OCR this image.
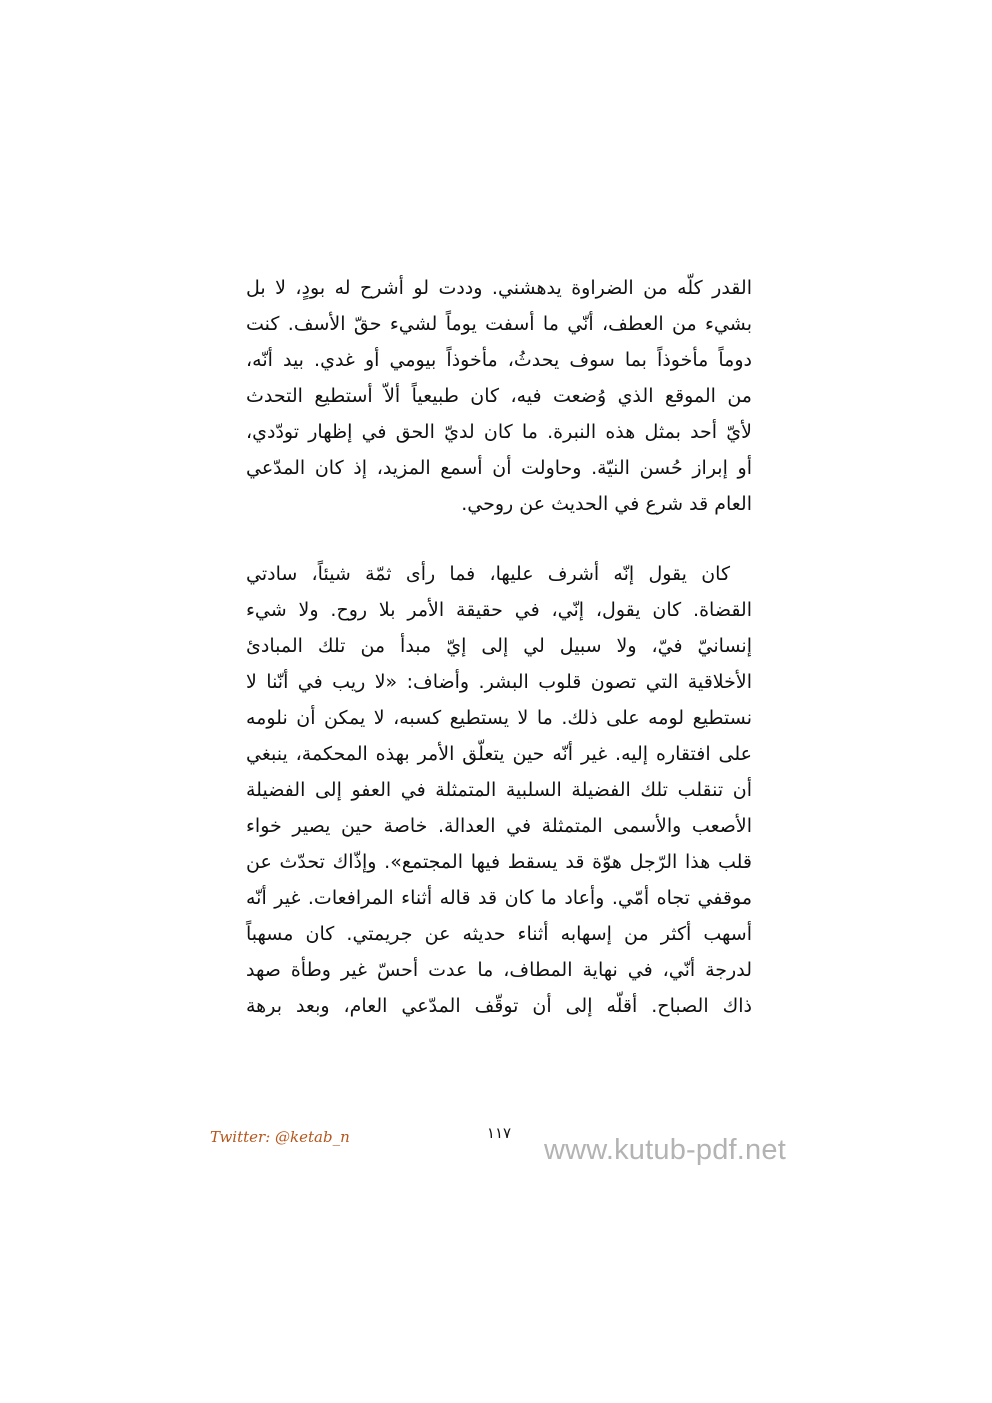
القدر كلّه من الضراوة يدهشني. وددت لو أشرح له بودٍ، لا بل
بشيء من العطف، أنّي ما أسفت يوماً لشيء حقّ الأسف. كنت
دوماً مأخوذاً بما سوف يحدثُ، مأخوذاً بيومي أو غدي. بيد أنّه،
من الموقع الذي وُضعت فيه، كان طبيعياً ألاّ أستطيع التحدث
لأيّ أحد بمثل هذه النبرة. ما كان لديّ الحق في إظهار تودّدي،
أو إبراز حُسن النيّة. وحاولت أن أسمع المزيد، إذ كان المدّعي
العام قد شرع في الحديث عن روحي.
كان يقول إنّه أشرف عليها، فما رأى ثمّة شيئاً، سادتي
القضاة. كان يقول، إنّي، في حقيقة الأمر بلا روح. ولا شيء
إنسانيّ فيّ، ولا سبيل لي إلى إيّ مبدأ من تلك المبادئ
الأخلاقية التي تصون قلوب البشر. وأضاف: «لا ريب في أنّنا لا
نستطيع لومه على ذلك. ما لا يستطيع كسبه، لا يمكن أن نلومه
على افتقاره إليه. غير أنّه حين يتعلّق الأمر بهذه المحكمة، ينبغي
أن تنقلب تلك الفضيلة السلبية المتمثلة في العفو إلى الفضيلة
الأصعب والأسمى المتمثلة في العدالة. خاصة حين يصير خواء
قلب هذا الرّجل هوّة قد يسقط فيها المجتمع». وإذّاك تحدّث عن
موقفي تجاه أمّي. وأعاد ما كان قد قاله أثناء المرافعات. غير أنّه
أسهب أكثر من إسهابه أثناء حديثه عن جريمتي. كان مسهباً
لدرجة أنّي، في نهاية المطاف، ما عدت أحسّ غير وطأة صهد
ذاك الصباح. أقلّه إلى أن توقّف المدّعي العام، وبعد برهة
Twitter: @ketab_n	١١٧
www.kutub-pdf.net
